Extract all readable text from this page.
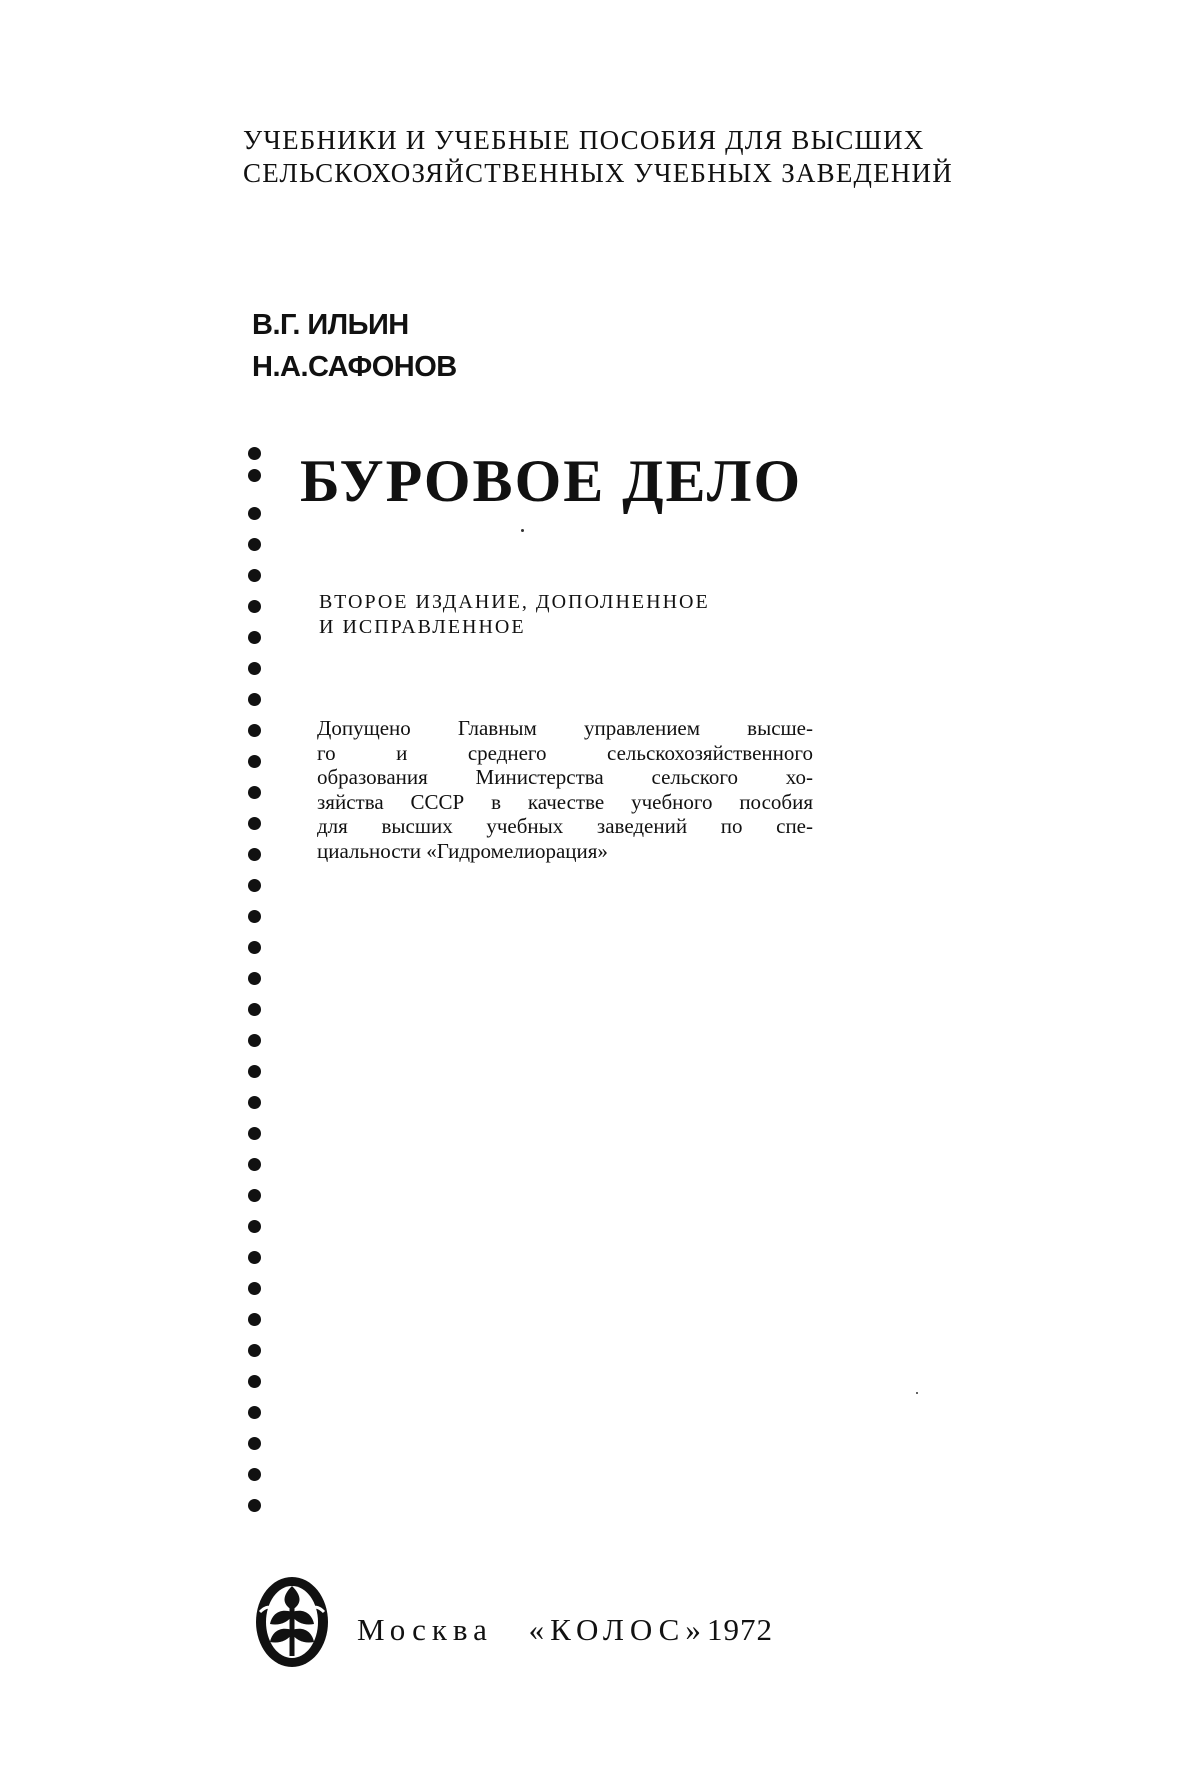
УЧЕБНИКИ И УЧЕБНЫЕ ПОСОБИЯ ДЛЯ ВЫСШИХ
СЕЛЬСКОХОЗЯЙСТВЕННЫХ УЧЕБНЫХ ЗАВЕДЕНИЙ
В.Г. ИЛЬИН
Н.А.САФОНОВ
БУРОВОЕ ДЕЛО
ВТОРОЕ ИЗДАНИЕ, ДОПОЛНЕННОЕ
И ИСПРАВЛЕННОЕ
Допущено Главным управлением высше-
го и среднего сельскохозяйственного
образования Министерства сельского хо-
зяйства СССР в качестве учебного пособия
для высших учебных заведений по спе-
циальности «Гидромелиорация»
Москва «КОЛОС» 1972
